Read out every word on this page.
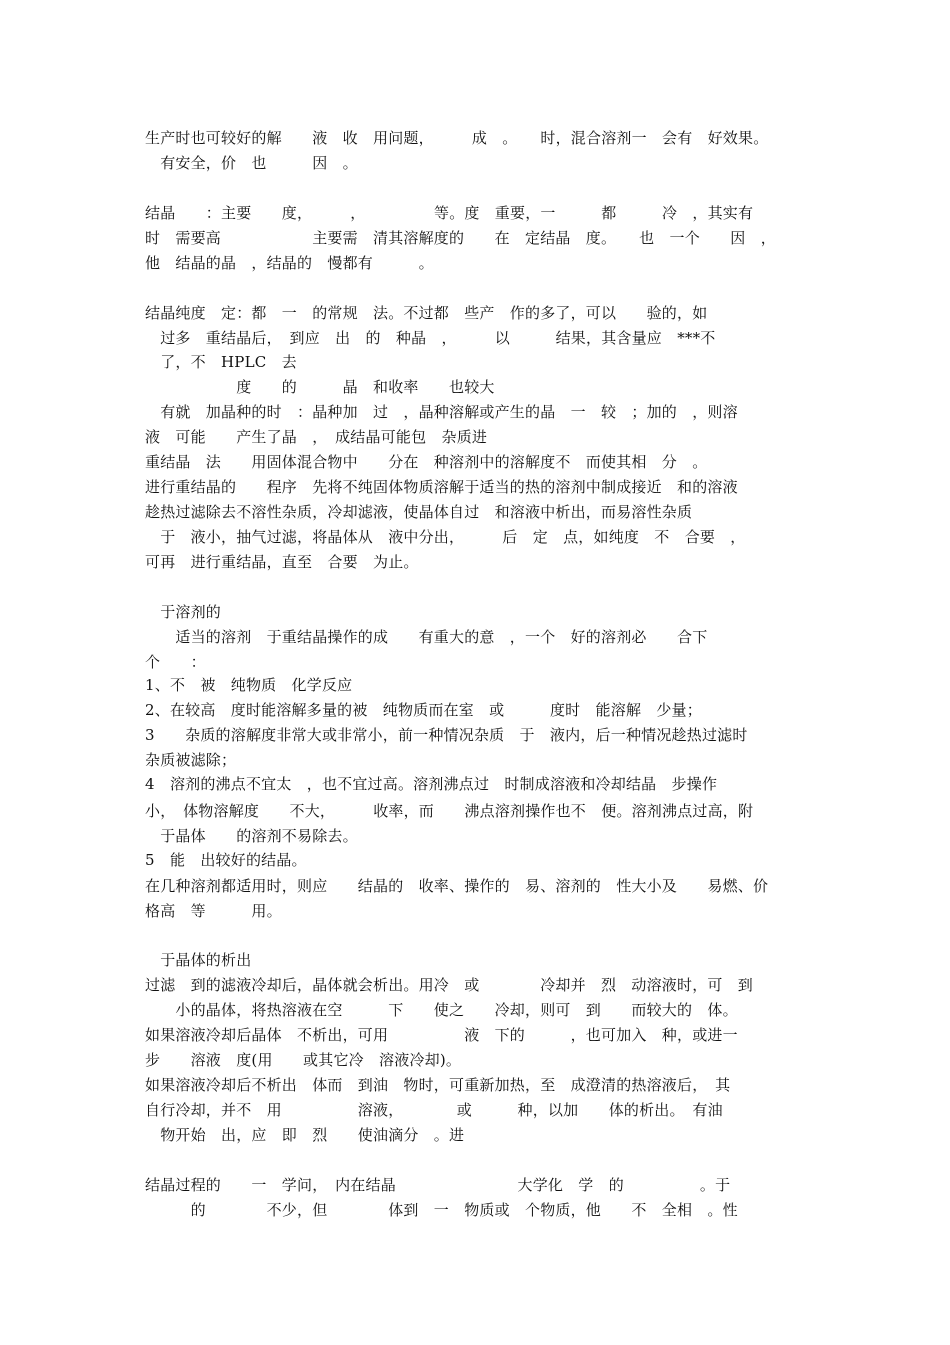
生产时也可较好的解　　液　收　用问题，　　　成　。　　时，混合溶剂一　会有　好效果。
　有安全，价　也　　　因　。
结晶　　：主要　　度，　　　，　　　　　等。度　重要，一　　　都　　　冷　，其实有
时　需要高　　　　　　主要需　清其溶解度的　　在　定结晶　度。　　也　一个　　因　，
他　结晶的晶　，结晶的　慢都有　　　。
结晶纯度　定：都　一　的常规　法。不过都　些产　作的多了，可以　　验的，如
　过多　重结晶后，　到应　出　的　种晶　，　　　以　　　结果，其含量应　***不
　了，不　HPLC　去
　　　　　　度　　的　　　晶　和收率　　也较大
　有就　加晶种的时　：晶种加　过　，晶种溶解或产生的晶　一　较　；加的　，则溶
液　可能　　产生了晶　，　成结晶可能包　杂质进
重结晶　法　　用固体混合物中　　分在　种溶剂中的溶解度不　而使其相　分　。
进行重结晶的　　程序　先将不纯固体物质溶解于适当的热的溶剂中制成接近　和的溶液
趁热过滤除去不溶性杂质，冷却滤液，使晶体自过　和溶液中析出，而易溶性杂质
　于　液小，抽气过滤，将晶体从　液中分出，　　　后　定　点，如纯度　不　合要　，
可再　进行重结晶，直至　合要　为止。
　于溶剂的
　　适当的溶剂　于重结晶操作的成　　有重大的意　，一个　好的溶剂必　　合下
个　　：
1、不　被　纯物质　化学反应
2、在较高　度时能溶解多量的被　纯物质而在室　或　　　度时　能溶解　少量；
3　　杂质的溶解度非常大或非常小，前一种情况杂质　于　液内，后一种情况趁热过滤时
杂质被滤除；
4　溶剂的沸点不宜太　，也不宜过高。溶剂沸点过　时制成溶液和冷却结晶　步操作
小，　体物溶解度　　不大，　　　收率，而　　沸点溶剂操作也不　便。溶剂沸点过高，附
　于晶体　　的溶剂不易除去。
5　能　出较好的结晶。
在几种溶剂都适用时，则应　　结晶的　收率、操作的　易、溶剂的　性大小及　　易燃、价
格高　等　　　用。
　于晶体的析出
过滤　到的滤液冷却后，晶体就会析出。用冷　或　　　　冷却并　烈　动溶液时，可　到
　　小的晶体，将热溶液在空　　　下　　使之　　冷却，则可　到　　而较大的　体。
如果溶液冷却后晶体　不析出，可用　　　　　液　下的　　　，也可加入　种，或进一
步　　溶液　度(用　　或其它冷　溶液冷却)。
如果溶液冷却后不析出　体而　到油　物时，可重新加热，至　成澄清的热溶液后，　其
自行冷却，并不　用　　　　　溶液，　　　　或　　　种，以加　　体的析出。　有油
　物开始　出，应　即　烈　　使油滴分　。进
结晶过程的　　一　学问，　内在结晶　　　　　　　　大学化　学　的　　　　　。于
　　　的　　　　不少，但　　　　体到　一　物质或　个物质，他　　不　全相　。性
